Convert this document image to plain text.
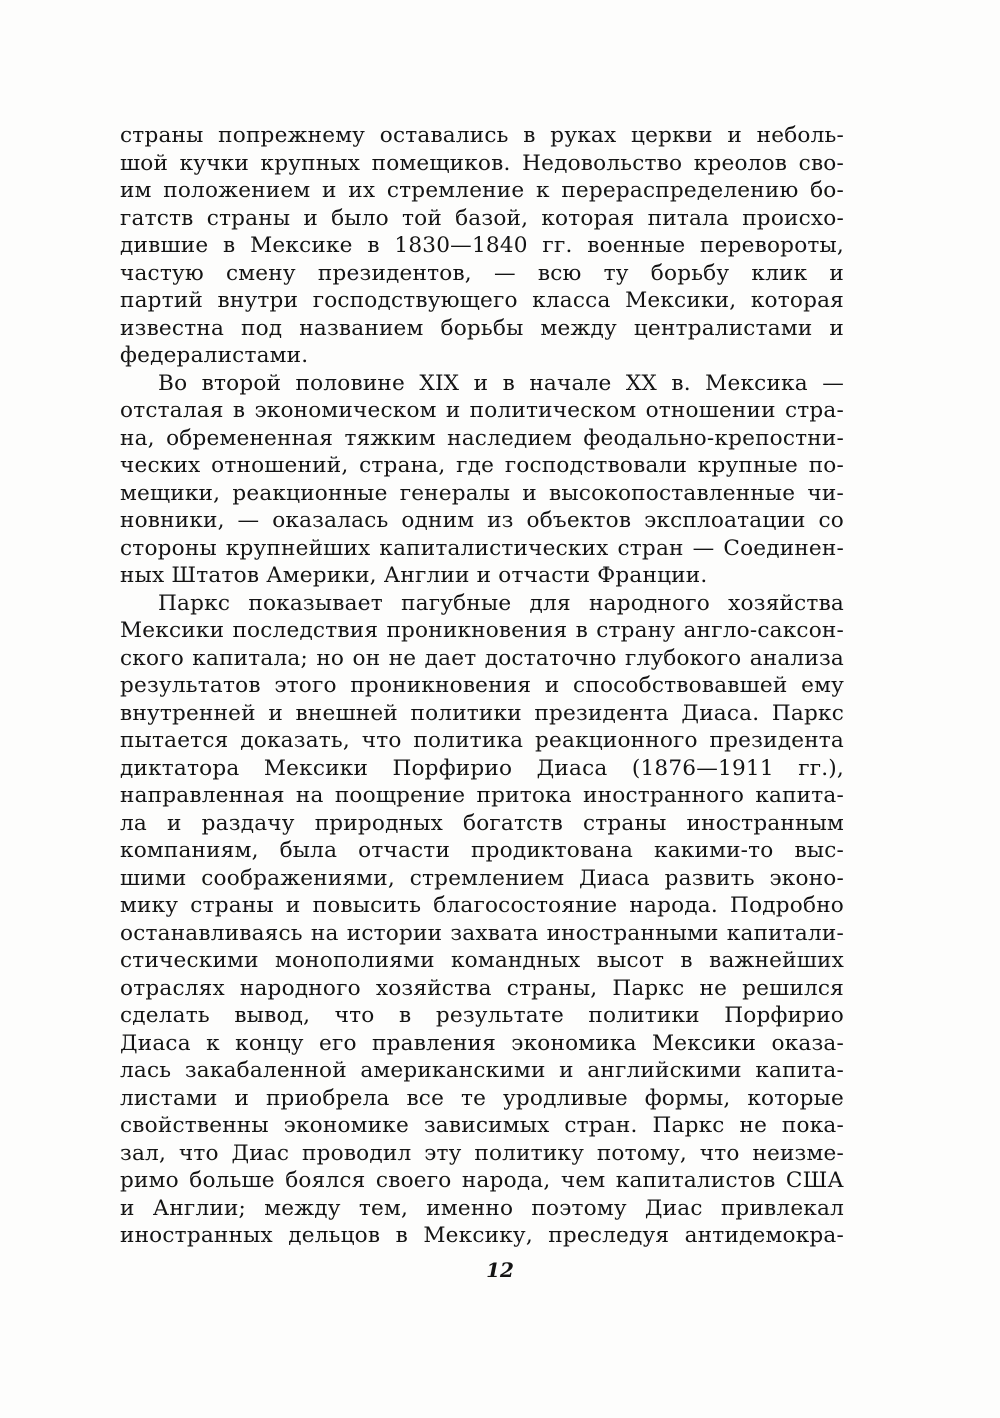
страны попрежнему оставались в руках церкви и неболь-
шой кучки крупных помещиков. Недовольство креолов сво-
им положением и их стремление к перераспределению бо-
гатств страны и было той базой, которая питала происхо-
дившие в Мексике в 1830—1840 гг. военные перевороты,
частую смену президентов, — всю ту борьбу клик и
партий внутри господствующего класса Мексики, которая
известна под названием борьбы между централистами и
федералистами.
Во второй половине XIX и в начале XX в. Мексика —
отсталая в экономическом и политическом отношении стра-
на, обремененная тяжким наследием феодально-крепостни-
ческих отношений, страна, где господствовали крупные по-
мещики, реакционные генералы и высокопоставленные чи-
новники, — оказалась одним из объектов эксплоатации со
стороны крупнейших капиталистических стран — Соединен-
ных Штатов Америки, Англии и отчасти Франции.
Паркс показывает пагубные для народного хозяйства
Мексики последствия проникновения в страну англо-саксон-
ского капитала; но он не дает достаточно глубокого анализа
результатов этого проникновения и способствовавшей ему
внутренней и внешней политики президента Диаса. Паркс
пытается доказать, что политика реакционного президента
диктатора Мексики Порфирио Диаса (1876—1911 гг.),
направленная на поощрение притока иностранного капита-
ла и раздачу природных богатств страны иностранным
компаниям, была отчасти продиктована какими-то выс-
шими соображениями, стремлением Диаса развить эконо-
мику страны и повысить благосостояние народа. Подробно
останавливаясь на истории захвата иностранными капитали-
стическими монополиями командных высот в важнейших
отраслях народного хозяйства страны, Паркс не решился
сделать вывод, что в результате политики Порфирио
Диаса к концу его правления экономика Мексики оказа-
лась закабаленной американскими и английскими капита-
листами и приобрела все те уродливые формы, которые
свойственны экономике зависимых стран. Паркс не пока-
зал, что Диас проводил эту политику потому, что неизме-
римо больше боялся своего народа, чем капиталистов США
и Англии; между тем, именно поэтому Диас привлекал
иностранных дельцов в Мексику, преследуя антидемокра-
12
